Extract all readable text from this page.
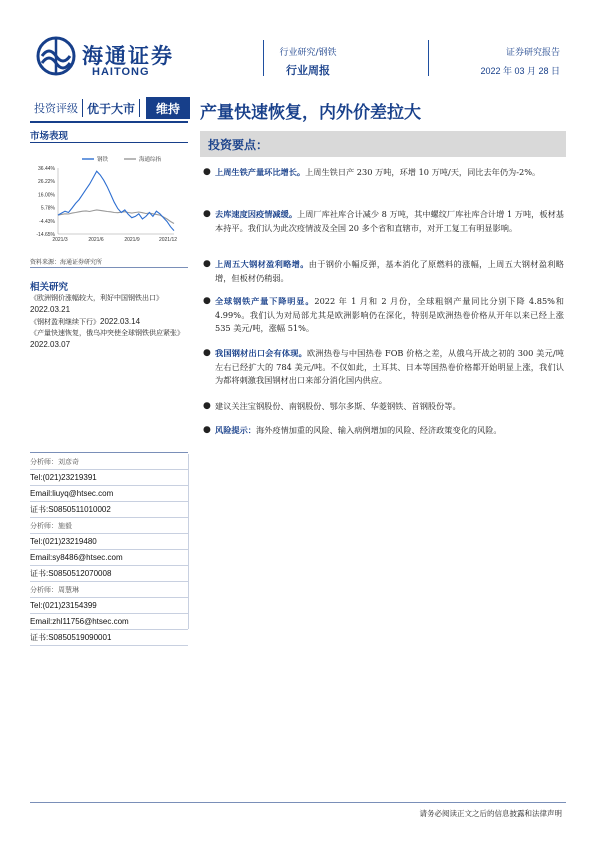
海通证券
HAITONG
行业研究/钢铁
行业周报
证券研究报告
2022 年 03 月 28 日
投资评级 优于大市	维持	产量快速恢复，内外价差拉大
市场表现
钢铁	海通综指
36.44%
26.22%
16.00%
5.78%
-4.43%
-14.65%
2021/3	2021/6	2021/9	2021/12
资料来源：海通证券研究所
相关研究
《欧洲钢价涨幅较大，利好中国钢铁出口》2022.03.21
《钢材盈利继续下行》2022.03.14
《产量快速恢复，俄乌冲突使全球钢铁供应紧张》2022.03.07
分析师：刘彦奇
Tel:(021)23219391
Email:liuyq@htsec.com
证书:S0850511010002
分析师：施毅
Tel:(021)23219480
Email:sy8486@htsec.com
证书:S0850512070008
分析师：周慧琳
Tel:(021)23154399
Email:zhl11756@htsec.com
证书:S0850519090001
投资要点：
● 上周生铁产量环比增长。上周生铁日产 230 万吨，环增 10 万吨/天，同比去年仍为-2%。
● 去库速度因疫情减缓。上周厂库社库合计减少 8 万吨，其中螺纹厂库社库合计增 1 万吨，板材基本持平。我们认为此次疫情波及全国 20 多个省和直辖市，对开工复工有明显影响。
● 上周五大钢材盈利略增。由于钢价小幅反弹，基本消化了原燃料的涨幅，上周五大钢材盈利略增，但板材仍稍弱。
● 全球钢铁产量下降明显。2022 年 1 月和 2 月份，全球粗钢产量同比分别下降 4.85%和 4.99%。我们认为对局部尤其是欧洲影响仍在深化，特别是欧洲热卷价格从开年以来已经上涨 535 美元/吨，涨幅 51%。
● 我国钢材出口会有体现。欧洲热卷与中国热卷 FOB 价格之差，从俄乌开战之初的 300 美元/吨左右已经扩大的 784 美元/吨。不仅如此，土耳其、日本等国热卷价格都开始明显上涨，我们认为都将刺激我国钢材出口来部分消化国内供应。
● 建议关注宝钢股份、南钢股份、鄂尔多斯、华菱钢铁、首钢股份等。
● 风险提示：海外疫情加重的风险、输入病例增加的风险、经济政策变化的风险。
请务必阅读正文之后的信息披露和法律声明
